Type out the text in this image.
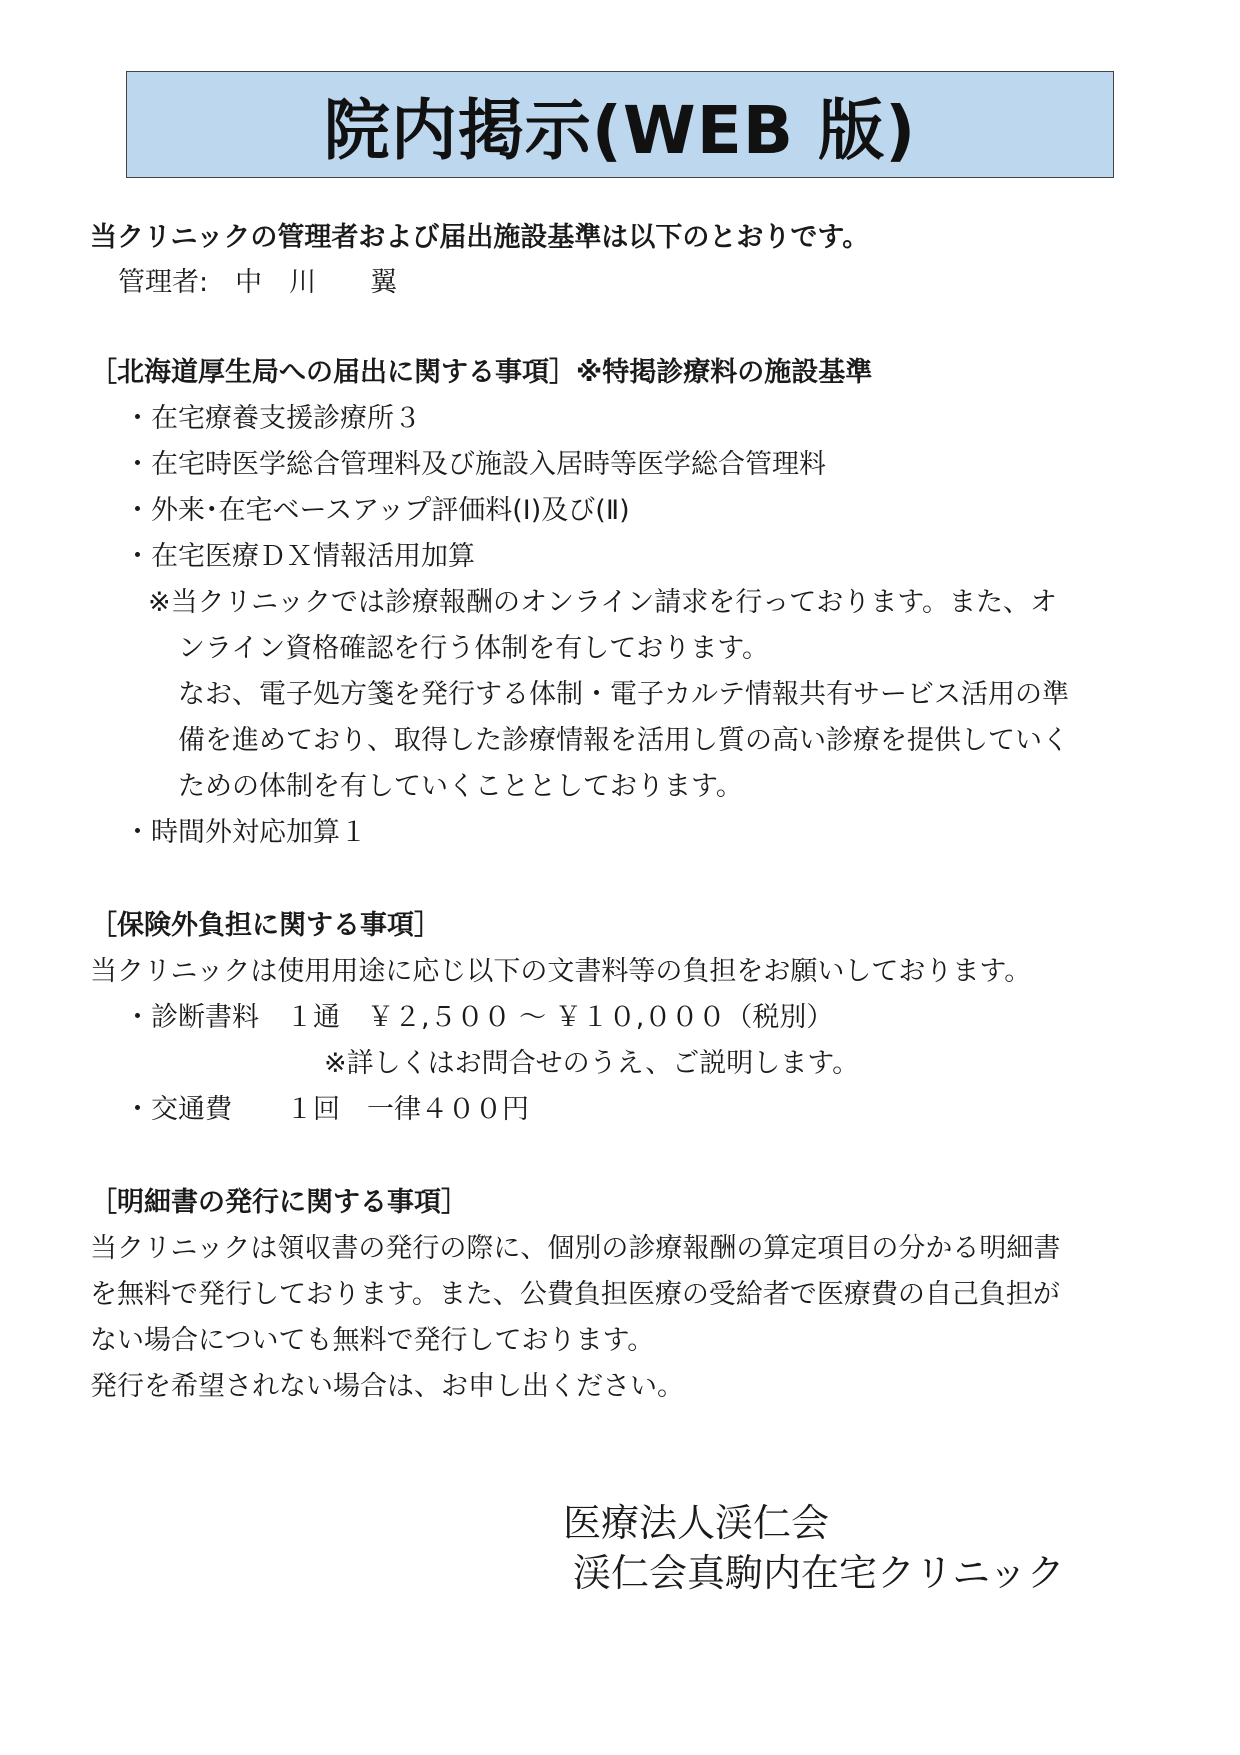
院内掲示(WEB 版)
当クリニックの管理者および届出施設基準は以下のとおりです。
管理者:　中　川　　翼
［北海道厚生局への届出に関する事項］※特掲診療料の施設基準
・在宅療養支援診療所３
・在宅時医学総合管理料及び施設入居時等医学総合管理料
・外来･在宅ベースアップ評価料(Ⅰ)及び(Ⅱ)
・在宅医療ＤＸ情報活用加算
※当クリニックでは診療報酬のオンライン請求を行っております。また、オ
ンライン資格確認を行う体制を有しております。
なお、電子処方箋を発行する体制・電子カルテ情報共有サービス活用の準
備を進めており、取得した診療情報を活用し質の高い診療を提供していく
ための体制を有していくこととしております。
・時間外対応加算１
［保険外負担に関する事項］
当クリニックは使用用途に応じ以下の文書料等の負担をお願いしております。
・診断書料　１通　￥２,５００ ～ ￥１０,０００（税別）
※詳しくはお問合せのうえ、ご説明します。
・交通費　　１回　一律４００円
［明細書の発行に関する事項］
当クリニックは領収書の発行の際に、個別の診療報酬の算定項目の分かる明細書
を無料で発行しております。また、公費負担医療の受給者で医療費の自己負担が
ない場合についても無料で発行しております。
発行を希望されない場合は、お申し出ください。
医療法人渓仁会
渓仁会真駒内在宅クリニック
